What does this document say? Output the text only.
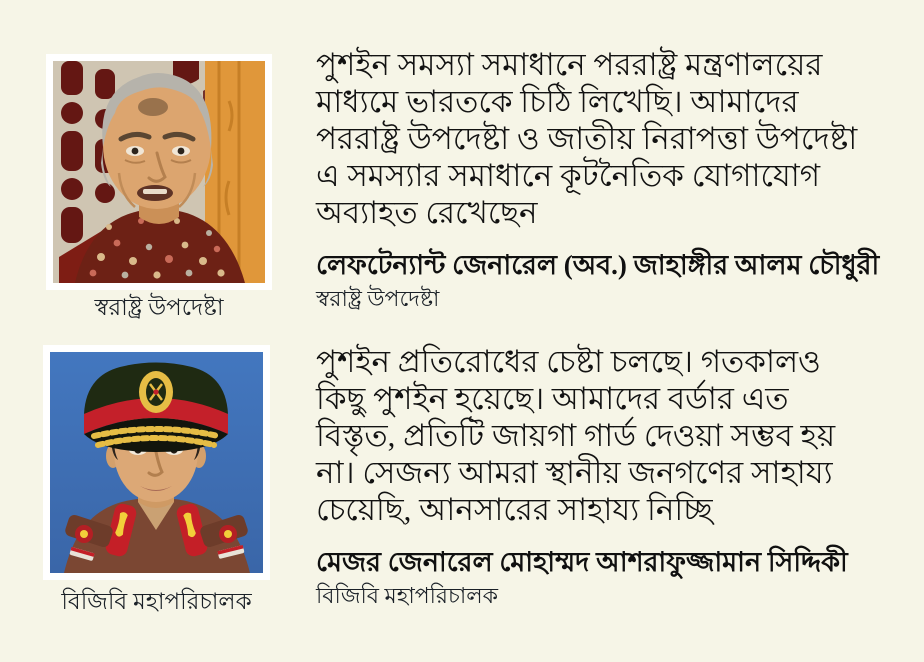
স্বরাষ্ট্র উপদেষ্টা
পুশইন সমস্যা সমাধানে পররাষ্ট্র মন্ত্রণালয়ের
মাধ্যমে ভারতকে চিঠি লিখেছি। আমাদের
পররাষ্ট্র উপদেষ্টা ও জাতীয় নিরাপত্তা উপদেষ্টা
এ সমস্যার সমাধানে কূটনৈতিক যোগাযোগ
অব্যাহত রেখেছেন
লেফটেন্যান্ট জেনারেল (অব.) জাহাঙ্গীর আলম চৌধুরী
স্বরাষ্ট্র উপদেষ্টা
বিজিবি মহাপরিচালক
পুশইন প্রতিরোধের চেষ্টা চলছে। গতকালও
কিছু পুশইন হয়েছে। আমাদের বর্ডার এত
বিস্তৃত, প্রতিটি জায়গা গার্ড দেওয়া সম্ভব হয়
না। সেজন্য আমরা স্থানীয় জনগণের সাহায্য
চেয়েছি, আনসারের সাহায্য নিচ্ছি
মেজর জেনারেল মোহাম্মদ আশরাফুজ্জামান সিদ্দিকী
বিজিবি মহাপরিচালক
